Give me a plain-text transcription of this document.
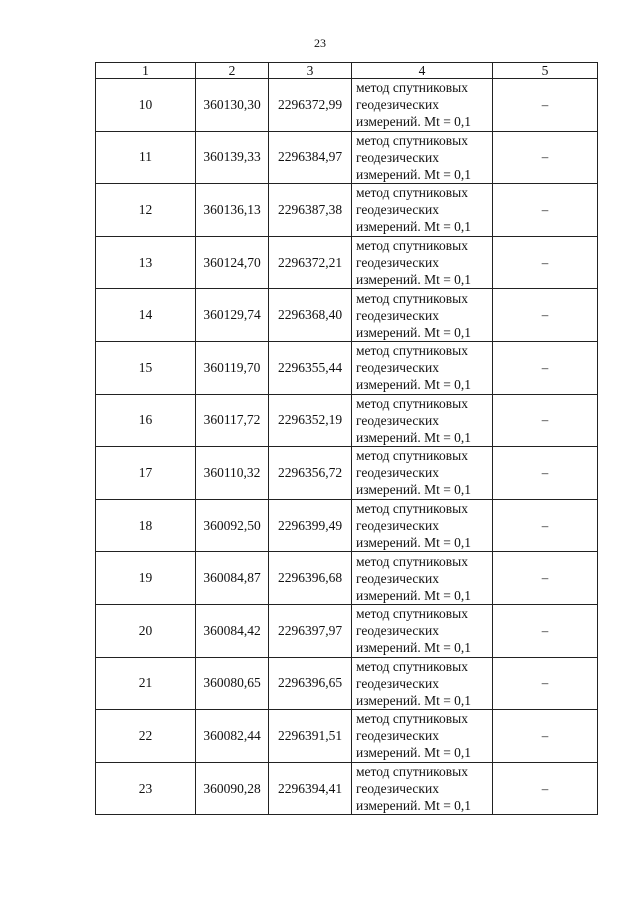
23
1	2	3	4	5
10	360130,30	2296372,99	метод спутниковых
геодезических
измерений. Mt = 0,1	–
11	360139,33	2296384,97	метод спутниковых
геодезических
измерений. Mt = 0,1	–
12	360136,13	2296387,38	метод спутниковых
геодезических
измерений. Mt = 0,1	–
13	360124,70	2296372,21	метод спутниковых
геодезических
измерений. Mt = 0,1	–
14	360129,74	2296368,40	метод спутниковых
геодезических
измерений. Mt = 0,1	–
15	360119,70	2296355,44	метод спутниковых
геодезических
измерений. Mt = 0,1	–
16	360117,72	2296352,19	метод спутниковых
геодезических
измерений. Mt = 0,1	–
17	360110,32	2296356,72	метод спутниковых
геодезических
измерений. Mt = 0,1	–
18	360092,50	2296399,49	метод спутниковых
геодезических
измерений. Mt = 0,1	–
19	360084,87	2296396,68	метод спутниковых
геодезических
измерений. Mt = 0,1	–
20	360084,42	2296397,97	метод спутниковых
геодезических
измерений. Mt = 0,1	–
21	360080,65	2296396,65	метод спутниковых
геодезических
измерений. Mt = 0,1	–
22	360082,44	2296391,51	метод спутниковых
геодезических
измерений. Mt = 0,1	–
23	360090,28	2296394,41	метод спутниковых
геодезических
измерений. Mt = 0,1	–
